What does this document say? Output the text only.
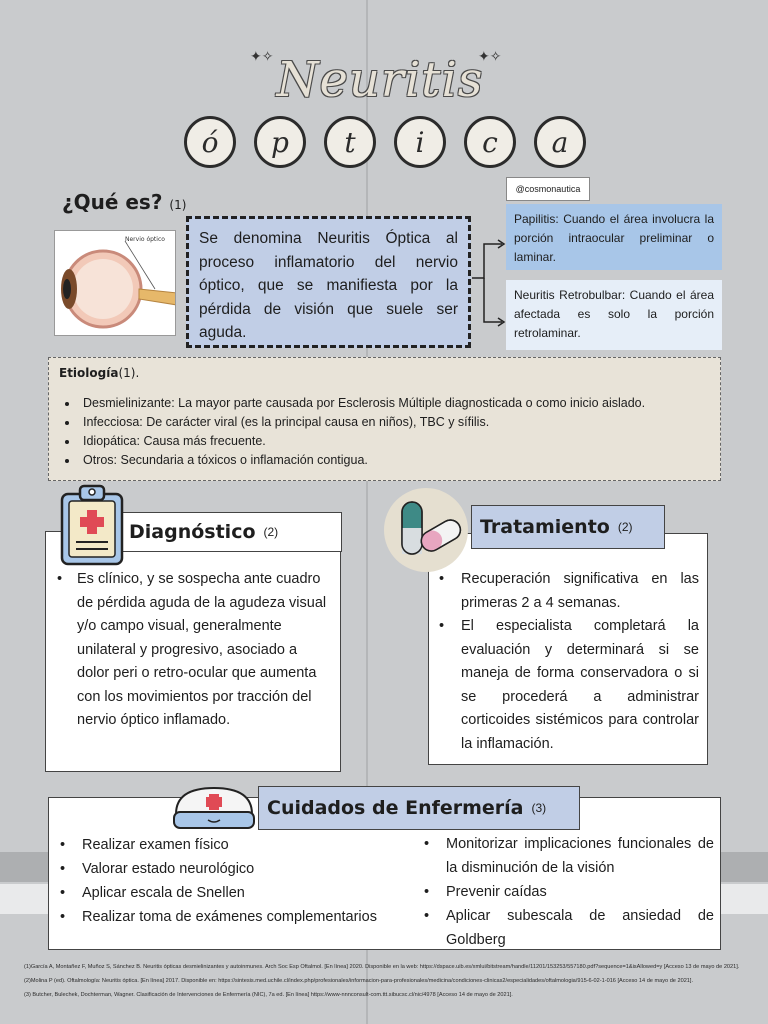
✦✧	✦✧
Neuritis
ó	p	t	i	c	a
¿Qué es? (1)
Nervio óptico	Se denomina Neuritis Óptica al proceso inflamatorio del nervio óptico, que se manifiesta por la pérdida de visión que suele ser aguda.
@cosmonautica
Papilitis: Cuando el área involucra la porción intraocular preliminar o laminar.
Neuritis Retrobulbar: Cuando el área afectada es solo la porción retrolaminar.
Etiología(1).
• Desmielinizante: La mayor parte causada por Esclerosis Múltiple diagnosticada o como inicio aislado.
• Infecciosa: De carácter viral (es la principal causa en niños), TBC y sífilis.
• Idiopática: Causa más frecuente.
• Otros: Secundaria a tóxicos o inflamación contigua.
Diagnóstico (2)
• Es clínico, y se sospecha ante cuadro de pérdida aguda de la agudeza visual y/o campo visual, generalmente unilateral y progresivo, asociado a dolor peri o retro-ocular que aumenta con los movimientos por tracción del nervio óptico inflamado.
Tratamiento (2)
• Recuperación significativa en las primeras 2 a 4 semanas.
• El especialista completará la evaluación y determinará si se maneja de forma conservadora o si se procederá a administrar corticoides sistémicos para controlar la inflamación.
Cuidados de Enfermería (3)
• Realizar examen físico
• Valorar estado neurológico
• Aplicar escala de Snellen
• Realizar toma de exámenes complementarios
• Monitorizar implicaciones funcionales de la disminución de la visión
• Prevenir caídas
• Aplicar subescala de ansiedad de Goldberg
(1)García A, Montañez F, Muñoz S, Sánchez B. Neuritis ópticas desmielinizantes y autoinmunes. Arch Soc Esp Oftalmol. [En línea] 2020. Disponible en la web: https://dspace.uib.es/xmlui/bitstream/handle/11201/153253/557180.pdf?sequence=1&isAllowed=y [Acceso 13 de mayo de 2021].
(2)Molina P (ed). Oftalmología: Neuritis óptica. [En línea] 2017. Disponible en: https://sintesis.med.uchile.cl/index.php/profesionales/informacion-para-profesionales/medicina/condiciones-clinicas2/especialidades/oftalmologia/915-6-02-1-016 [Acceso 14 de mayo de 2021].
(3) Butcher, Bulechek, Dochterman, Wagner. Clasificación de Intervenciones de Enfermería (NIC), 7a ed. [En línea] https://www-nnnconsult-com.ttt.sibucsc.cl/nic/4978 [Acceso 14 de mayo de 2021].
